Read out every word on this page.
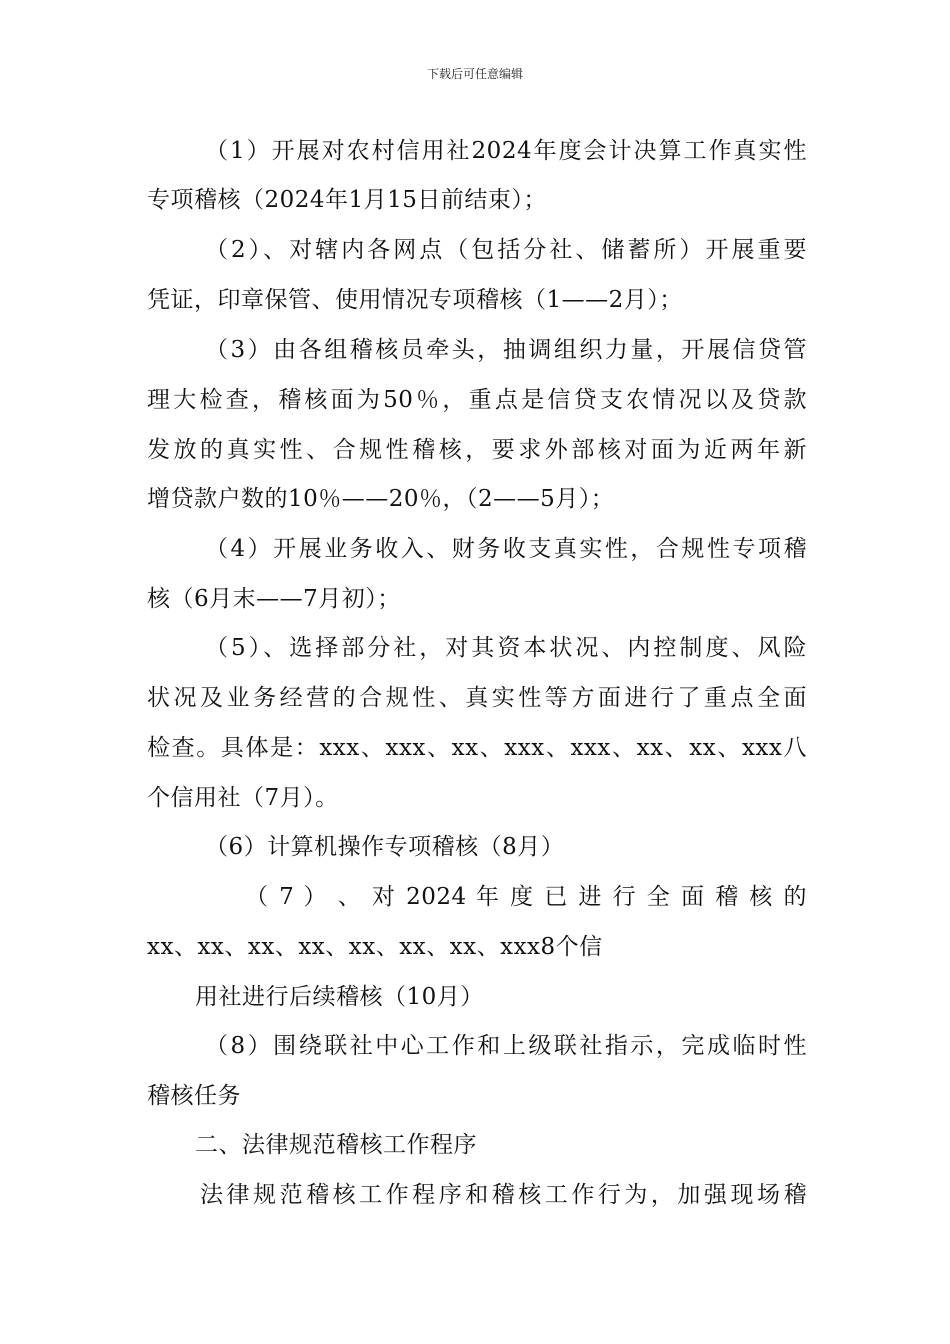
下载后可任意编辑
（1）开展对农村信用社2024年度会计决算工作真实性
专项稽核（2024年1月15日前结束）；
（2）、对辖内各网点（包括分社、储蓄所）开展重要
凭证，印章保管、使用情况专项稽核（1——2月）；
（3）由各组稽核员牵头，抽调组织力量，开展信贷管
理大检查，稽核面为50％，重点是信贷支农情况以及贷款
发放的真实性、合规性稽核，要求外部核对面为近两年新
增贷款户数的10％——20％，（2——5月）；
（4）开展业务收入、财务收支真实性，合规性专项稽
核（6月末——7月初）；
（5）、选择部分社，对其资本状况、内控制度、风险
状况及业务经营的合规性、真实性等方面进行了重点全面
检查。具体是：xxx、xxx、xx、xxx、xxx、xx、xx、xxx八
个信用社（7月）。
（6）计算机操作专项稽核（8月）
（ 7 ） 、 对 2024 年 度 已 进 行 全 面 稽 核 的
xx、xx、xx、xx、xx、xx、xx、xxx8个信
用社进行后续稽核（10月）
（8）围绕联社中心工作和上级联社指示，完成临时性
稽核任务
二、法律规范稽核工作程序
法律规范稽核工作程序和稽核工作行为，加强现场稽
